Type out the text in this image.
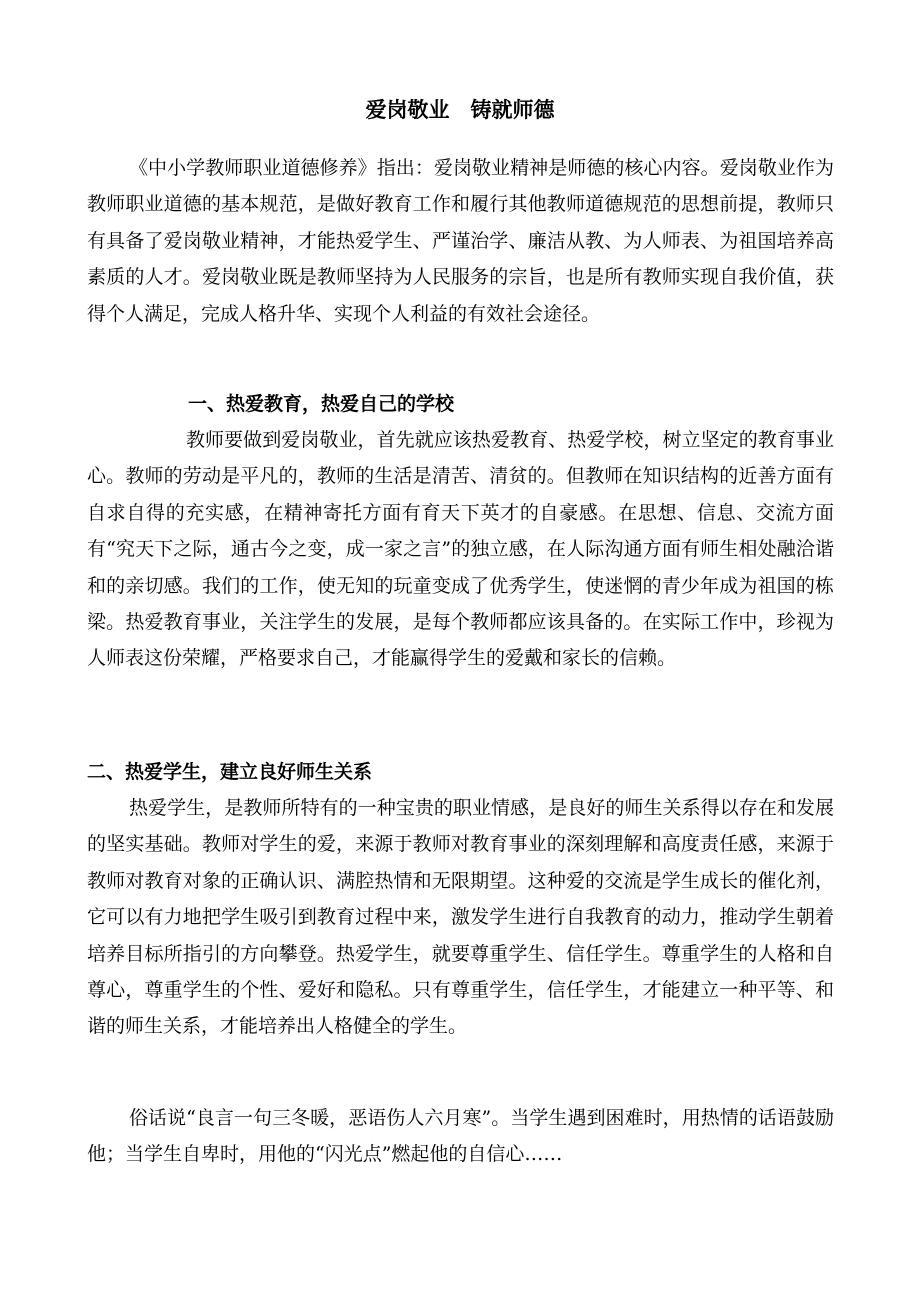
爱岗敬业　铸就师德

《中小学教师职业道德修养》指出：爱岗敬业精神是师德的核心内容。爱岗敬业作为教师职业道德的基本规范，是做好教育工作和履行其他教师道德规范的思想前提，教师只有具备了爱岗敬业精神，才能热爱学生、严谨治学、廉洁从教、为人师表、为祖国培养高素质的人才。爱岗敬业既是教师坚持为人民服务的宗旨，也是所有教师实现自我价值，获得个人满足，完成人格升华、实现个人利益的有效社会途径。

一、热爱教育，热爱自己的学校

教师要做到爱岗敬业，首先就应该热爱教育、热爱学校，树立坚定的教育事业心。教师的劳动是平凡的，教师的生活是清苦、清贫的。但教师在知识结构的近善方面有自求自得的充实感，在精神寄托方面有育天下英才的自豪感。在思想、信息、交流方面有“究天下之际，通古今之变，成一家之言”的独立感，在人际沟通方面有师生相处融洽谐和的亲切感。我们的工作，使无知的玩童变成了优秀学生，使迷惘的青少年成为祖国的栋梁。热爱教育事业，关注学生的发展，是每个教师都应该具备的。在实际工作中，珍视为人师表这份荣耀，严格要求自己，才能赢得学生的爱戴和家长的信赖。

二、热爱学生，建立良好师生关系

热爱学生，是教师所特有的一种宝贵的职业情感，是良好的师生关系得以存在和发展的坚实基础。教师对学生的爱，来源于教师对教育事业的深刻理解和高度责任感，来源于教师对教育对象的正确认识、满腔热情和无限期望。这种爱的交流是学生成长的催化剂，它可以有力地把学生吸引到教育过程中来，激发学生进行自我教育的动力，推动学生朝着培养目标所指引的方向攀登。热爱学生，就要尊重学生、信任学生。尊重学生的人格和自尊心，尊重学生的个性、爱好和隐私。只有尊重学生，信任学生，才能建立一种平等、和谐的师生关系，才能培养出人格健全的学生。

俗话说“良言一句三冬暖，恶语伤人六月寒”。当学生遇到困难时，用热情的话语鼓励他；当学生自卑时，用他的“闪光点”燃起他的自信心……
